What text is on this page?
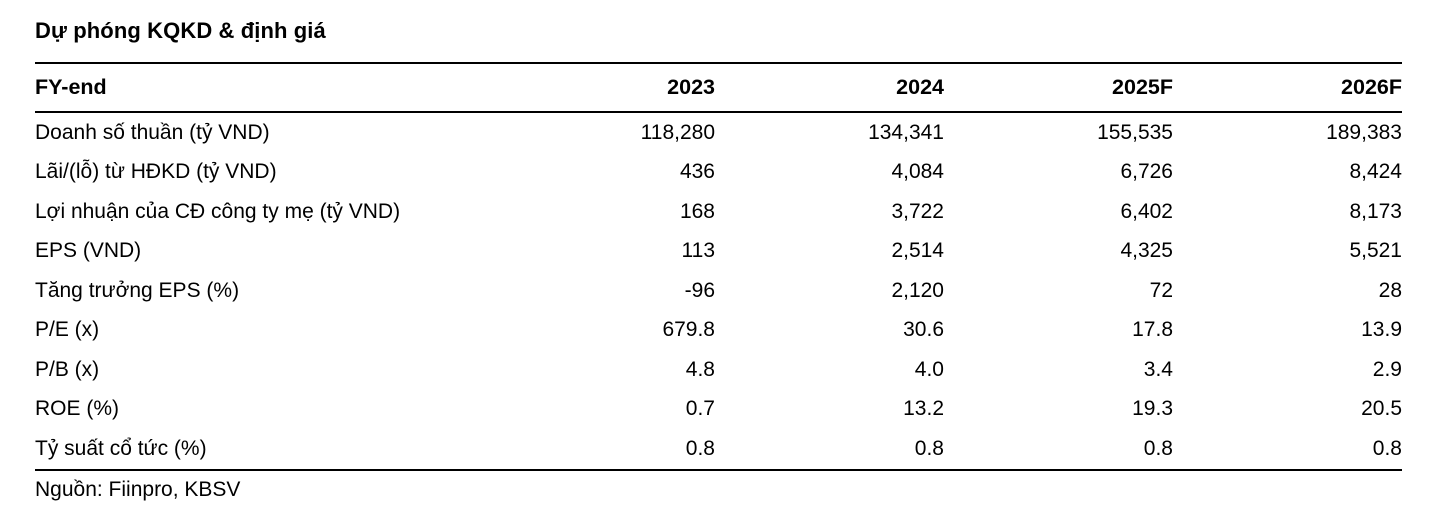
Dự phóng KQKD & định giá
FY-end	2023	2024	2025F	2026F
Doanh số thuần (tỷ VND)	118,280	134,341	155,535	189,383
Lãi/(lỗ) từ HĐKD (tỷ VND)	436	4,084	6,726	8,424
Lợi nhuận của CĐ công ty mẹ (tỷ VND)	168	3,722	6,402	8,173
EPS (VND)	113	2,514	4,325	5,521
Tăng trưởng EPS (%)	-96	2,120	72	28
P/E (x)	679.8	30.6	17.8	13.9
P/B (x)	4.8	4.0	3.4	2.9
ROE (%)	0.7	13.2	19.3	20.5
Tỷ suất cổ tức (%)	0.8	0.8	0.8	0.8
Nguồn: Fiinpro, KBSV
